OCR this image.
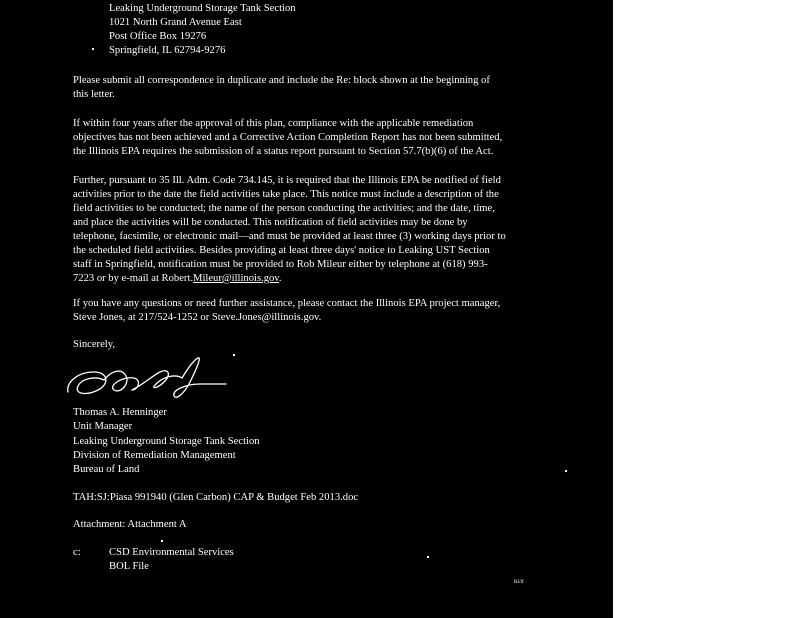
Leaking Underground Storage Tank Section
1021 North Grand Avenue East
Post Office Box 19276
Springfield, IL 62794-9276
Please submit all correspondence in duplicate and include the Re: block shown at the beginning of
this letter.
If within four years after the approval of this plan, compliance with the applicable remediation
objectives has not been achieved and a Corrective Action Completion Report has not been submitted,
the Illinois EPA requires the submission of a status report pursuant to Section 57.7(b)(6) of the Act.
Further, pursuant to 35 Ill. Adm. Code 734.145, it is required that the Illinois EPA be notified of field
activities prior to the date the field activities take place. This notice must include a description of the
field activities to be conducted; the name of the person conducting the activities; and the date, time,
and place the activities will be conducted. This notification of field activities may be done by
telephone, facsimile, or electronic mail—and must be provided at least three (3) working days prior to
the scheduled field activities. Besides providing at least three days' notice to Leaking UST Section
staff in Springfield, notification must be provided to Rob Mileur either by telephone at (618) 993-
7223 or by e-mail at Robert.Mileur@illinois.gov.
If you have any questions or need further assistance, please contact the Illinois EPA project manager,
Steve Jones, at 217/524-1252 or Steve.Jones@illinois.gov.
Sincerely,
Thomas A. Henninger
Unit Manager
Leaking Underground Storage Tank Section
Division of Remediation Management
Bureau of Land
TAH:SJ:Piasa 991940 (Glen Carbon) CAP & Budget Feb 2013.doc
Attachment: Attachment A
c:	CSD Environmental Services
BOL File
RJ/lf
